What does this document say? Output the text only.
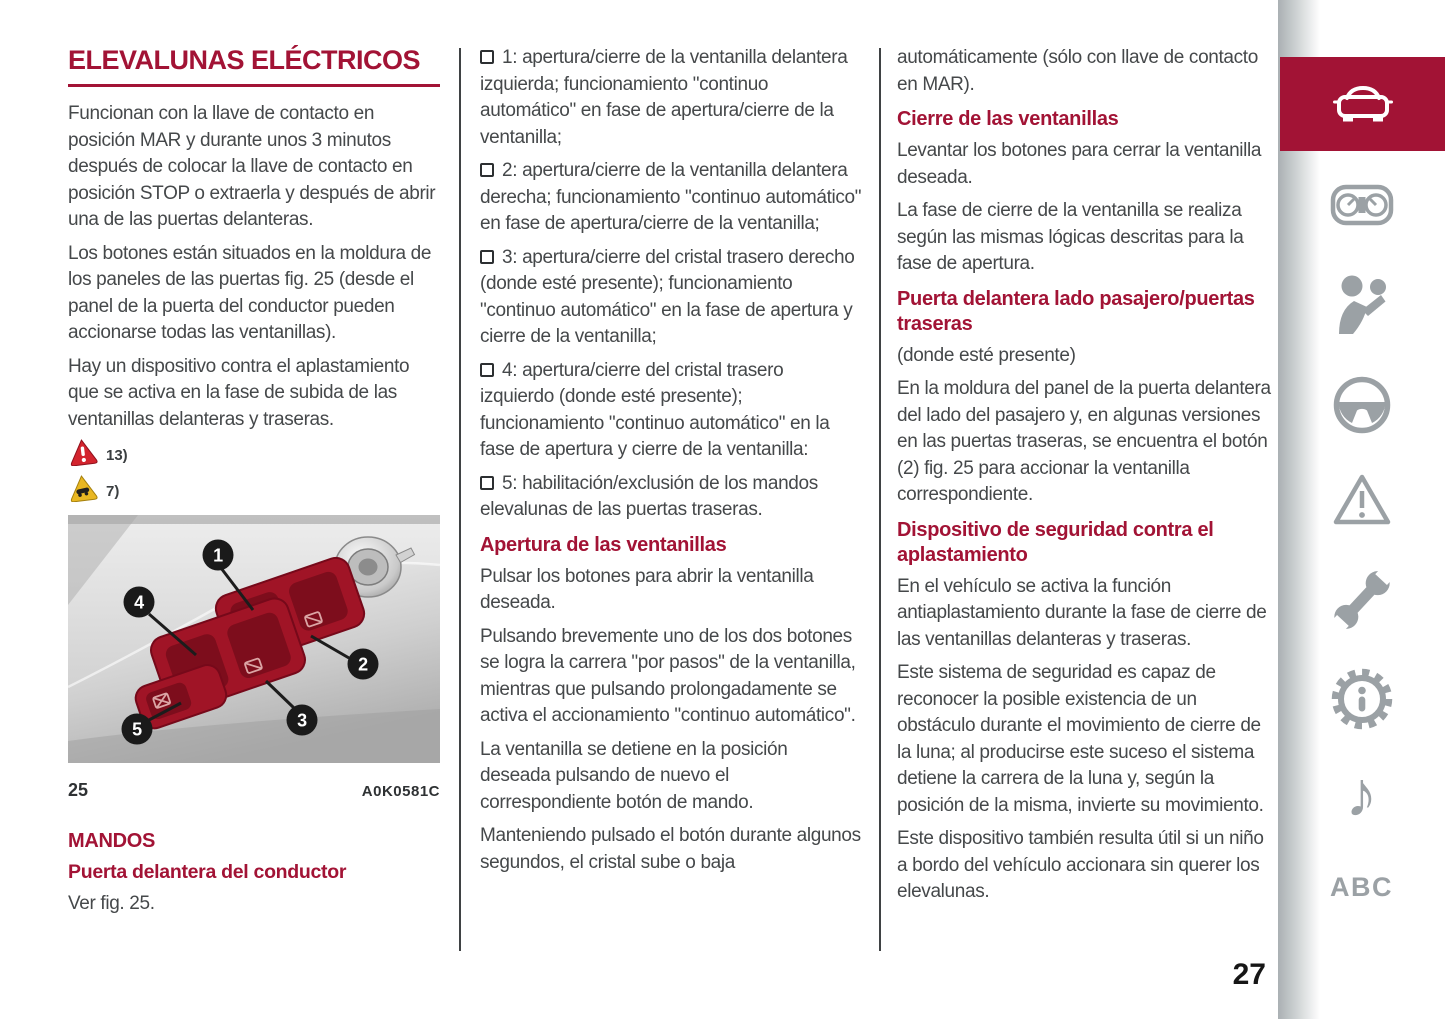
ELEVALUNAS ELÉCTRICOS

Funcionan con la llave de contacto en posición MAR y durante unos 3 minutos después de colocar la llave de contacto en posición STOP o extraerla y después de abrir una de las puertas delanteras.

Los botones están situados en la moldura de los paneles de las puertas fig. 25 (desde el panel de la puerta del conductor pueden accionarse todas las ventanillas).

Hay un dispositivo contra el aplastamiento que se activa en la fase de subida de las ventanillas delanteras y traseras.

13)
7)
1
2
3
4
5
25	A0K0581C
MANDOS
Puerta delantera del conductor

Ver fig. 25.

1: apertura/cierre de la ventanilla delantera izquierda; funcionamiento "continuo automático" en fase de apertura/cierre de la ventanilla;

2: apertura/cierre de la ventanilla delantera derecha; funcionamiento "continuo automático" en fase de apertura/cierre de la ventanilla;

3: apertura/cierre del cristal trasero derecho (donde esté presente); funcionamiento "continuo automático" en la fase de apertura y cierre de la ventanilla;

4: apertura/cierre del cristal trasero izquierdo (donde esté presente); funcionamiento "continuo automático" en la fase de apertura y cierre de la ventanilla:

5: habilitación/exclusión de los mandos elevalunas de las puertas traseras.

Apertura de las ventanillas

Pulsar los botones para abrir la ventanilla deseada.

Pulsando brevemente uno de los dos botones se logra la carrera "por pasos" de la ventanilla, mientras que pulsando prolongadamente se activa el accionamiento "continuo automático".

La ventanilla se detiene en la posición deseada pulsando de nuevo el correspondiente botón de mando.

Manteniendo pulsado el botón durante algunos segundos, el cristal sube o baja

automáticamente (sólo con llave de contacto en MAR).

Cierre de las ventanillas

Levantar los botones para cerrar la ventanilla deseada.

La fase de cierre de la ventanilla se realiza según las mismas lógicas descritas para la fase de apertura.

Puerta delantera lado pasajero/puertas traseras

(donde esté presente)

En la moldura del panel de la puerta delantera del lado del pasajero y, en algunas versiones en las puertas traseras, se encuentra el botón (2) fig. 25 para accionar la ventanilla correspondiente.

Dispositivo de seguridad contra el aplastamiento

En el vehículo se activa la función antiaplastamiento durante la fase de cierre de las ventanillas delanteras y traseras.

Este sistema de seguridad es capaz de reconocer la posible existencia de un obstáculo durante el movimiento de cierre de la luna; al producirse este suceso el sistema detiene la carrera de la luna y, según la posición de la misma, invierte su movimiento.

Este dispositivo también resulta útil si un niño a bordo del vehículo accionara sin querer los elevalunas.

27
♪
ABC
